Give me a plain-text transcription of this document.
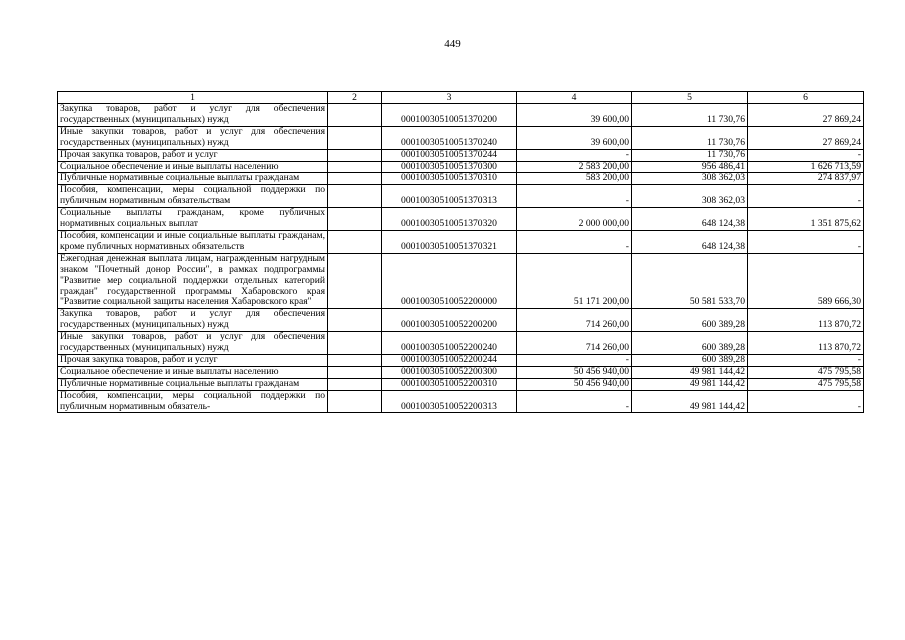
449
1	2	3	4	5	6
Закупка товаров, работ и услуг для обеспечения государственных (муниципальных) нужд		00010030510051370200	39 600,00	11 730,76	27 869,24
Иные закупки товаров, работ и услуг для обеспечения государственных (муниципальных) нужд		00010030510051370240	39 600,00	11 730,76	27 869,24
Прочая закупка товаров, работ и услуг		00010030510051370244	-	11 730,76	-
Социальное обеспечение и иные выплаты населению		00010030510051370300	2 583 200,00	956 486,41	1 626 713,59
Публичные нормативные социальные выплаты гражданам		00010030510051370310	583 200,00	308 362,03	274 837,97
Пособия, компенсации, меры социальной поддержки по публичным нормативным обязательствам		00010030510051370313	-	308 362,03	-
Социальные выплаты гражданам, кроме публичных нормативных социальных выплат		00010030510051370320	2 000 000,00	648 124,38	1 351 875,62
Пособия, компенсации и иные социальные выплаты гражданам, кроме публичных нормативных обязательств		00010030510051370321	-	648 124,38	-
Ежегодная денежная выплата лицам, награжденным нагрудным знаком "Почетный донор России", в рамках подпрограммы "Развитие мер социальной поддержки отдельных категорий граждан" государственной программы Хабаровского края "Развитие социальной защиты населения Хабаровского края"		00010030510052200000	51 171 200,00	50 581 533,70	589 666,30
Закупка товаров, работ и услуг для обеспечения государственных (муниципальных) нужд		00010030510052200200	714 260,00	600 389,28	113 870,72
Иные закупки товаров, работ и услуг для обеспечения государственных (муниципальных) нужд		00010030510052200240	714 260,00	600 389,28	113 870,72
Прочая закупка товаров, работ и услуг		00010030510052200244	-	600 389,28	-
Социальное обеспечение и иные выплаты населению		00010030510052200300	50 456 940,00	49 981 144,42	475 795,58
Публичные нормативные социальные выплаты гражданам		00010030510052200310	50 456 940,00	49 981 144,42	475 795,58
Пособия, компенсации, меры социальной поддержки по публичным нормативным обязатель-		00010030510052200313	-	49 981 144,42	-
